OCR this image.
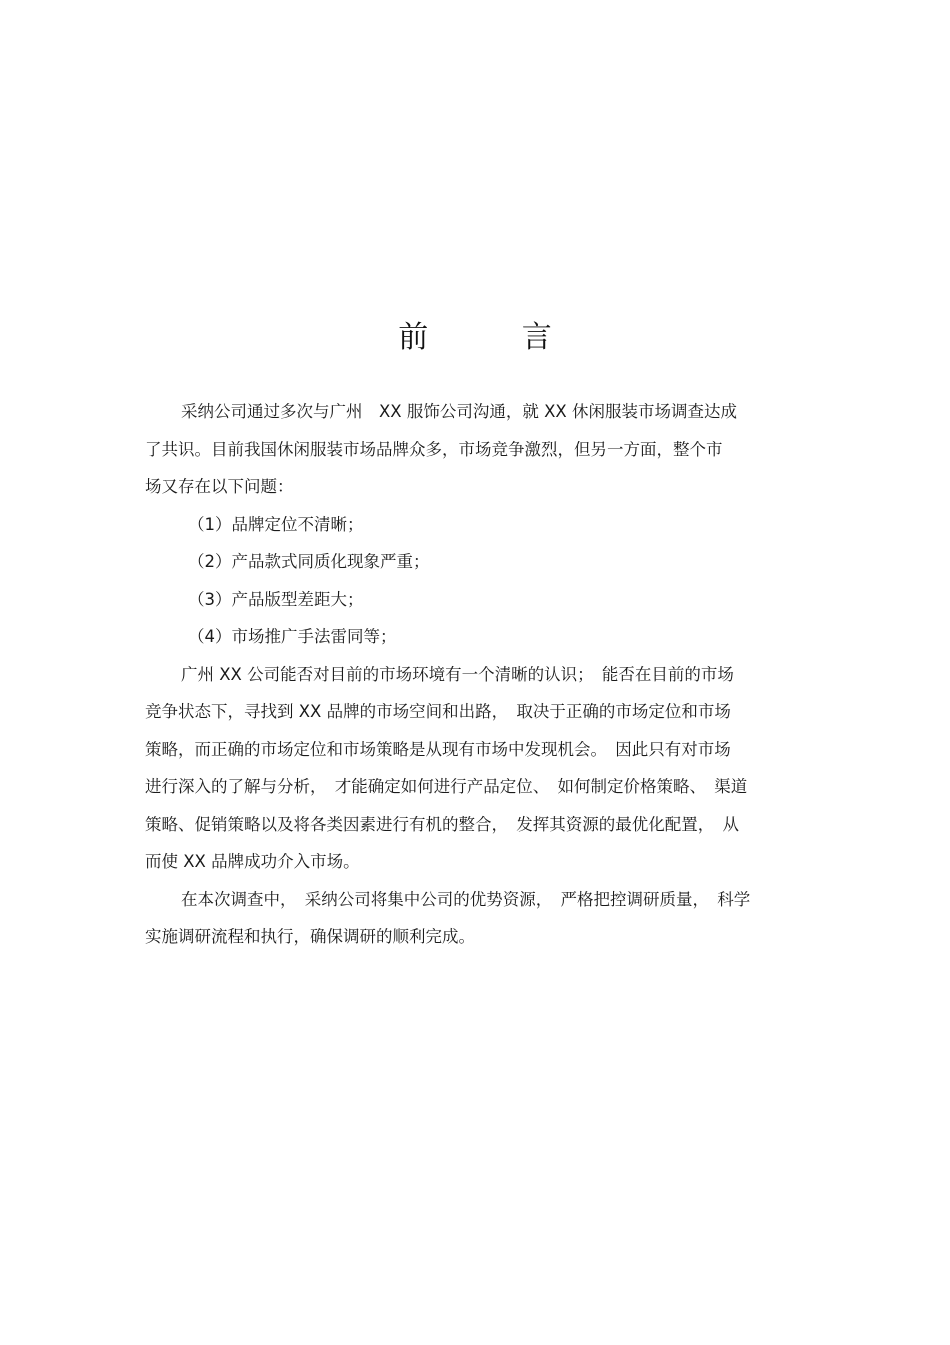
前 言
采纳公司通过多次与广州　XX 服饰公司沟通，就 XX 休闲服装市场调查达成
了共识。目前我国休闲服装市场品牌众多，市场竞争激烈，但另一方面，整个市
场又存在以下问题：
（1）品牌定位不清晰；
（2）产品款式同质化现象严重；
（3）产品版型差距大；
（4）市场推广手法雷同等；
广州 XX 公司能否对目前的市场环境有一个清晰的认识；　能否在目前的市场
竞争状态下，寻找到 XX 品牌的市场空间和出路，　取决于正确的市场定位和市场
策略，而正确的市场定位和市场策略是从现有市场中发现机会。　因此只有对市场
进行深入的了解与分析，　才能确定如何进行产品定位、　如何制定价格策略、　渠道
策略、促销策略以及将各类因素进行有机的整合，　发挥其资源的最优化配置，　从
而使 XX 品牌成功介入市场。
在本次调查中，　采纳公司将集中公司的优势资源，　严格把控调研质量，　科学
实施调研流程和执行，确保调研的顺利完成。
